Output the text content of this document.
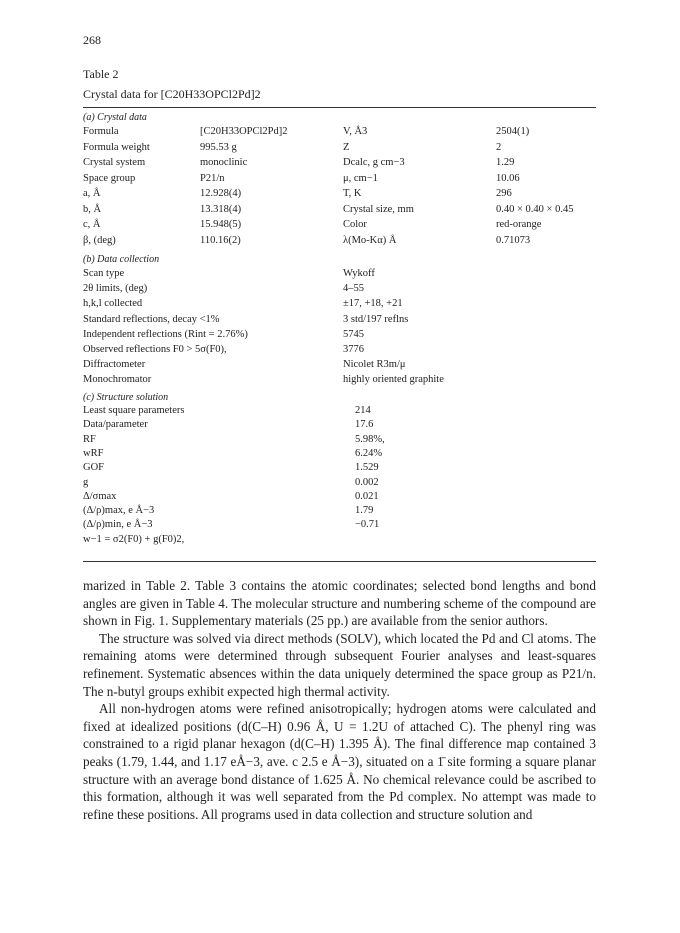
268
Table 2
Crystal data for [C20H33OPCl2Pd]2
(a) Crystal data
Formula	[C20H33OPCl2Pd]2	V, Å3	2504(1)
Formula weight	995.53 g	Z	2
Crystal system	monoclinic	Dcalc, g cm−3	1.29
Space group	P21/n	μ, cm−1	10.06
a, Å	12.928(4)	T, K	296
b, Å	13.318(4)	Crystal size, mm	0.40 × 0.40 × 0.45
c, Å	15.948(5)	Color	red-orange
β, (deg)	110.16(2)	λ(Mo-Kα) Å	0.71073
(b) Data collection
Scan type	Wykoff
2θ limits, (deg)	4–55
h,k,l collected	±17, +18, +21
Standard reflections, decay <1%	3 std/197 reflns
Independent reflections (Rint = 2.76%)	5745
Observed reflections F0 > 5σ(F0),	3776
Diffractometer	Nicolet R3m/μ
Monochromator	highly oriented graphite
(c) Structure solution
Least square parameters	214
Data/parameter	17.6
RF	5.98%,
wRF	6.24%
GOF	1.529
g	0.002
Δ/σmax	0.021
(Δ/ρ)max, e Å−3	1.79
(Δ/ρ)min, e Å−3	−0.71
w−1 = σ2(F0) + g(F0)2,

marized in Table 2. Table 3 contains the atomic coordinates; selected bond lengths and bond angles are given in Table 4. The molecular structure and numbering scheme of the compound are shown in Fig. 1. Supplementary materials (25 pp.) are available from the senior authors.

The structure was solved via direct methods (SOLV), which located the Pd and Cl atoms. The remaining atoms were determined through subsequent Fourier analyses and least-squares refinement. Systematic absences within the data uniquely determined the space group as P21/n. The n-butyl groups exhibit expected high thermal activity.

All non-hydrogen atoms were refined anisotropically; hydrogen atoms were calculated and fixed at idealized positions (d(C–H) 0.96 Å, U = 1.2U of attached C). The phenyl ring was constrained to a rigid planar hexagon (d(C–H) 1.395 Å). The final difference map contained 3 peaks (1.79, 1.44, and 1.17 eÅ−3, ave. c 2.5 e Å−3), situated on a 1̄ site forming a square planar structure with an average bond distance of 1.625 Å. No chemical relevance could be ascribed to this formation, although it was well separated from the Pd complex. No attempt was made to refine these positions. All programs used in data collection and structure solution and
